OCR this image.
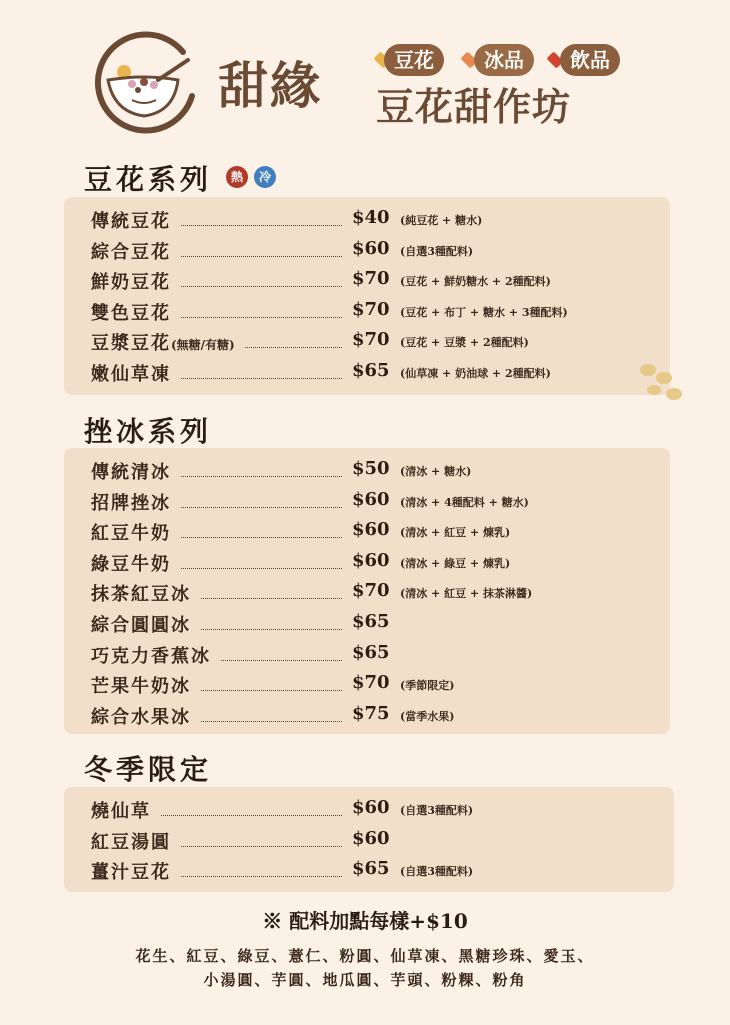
甜緣	豆花	冰品	飲品
豆花甜作坊
豆花系列	熱	冷
傳統豆花	$40 (純豆花 + 糖水)
綜合豆花	$60 (自選3種配料)
鮮奶豆花	$70 (豆花 + 鮮奶糖水 + 2種配料)
雙色豆花	$70 (豆花 + 布丁 + 糖水 + 3種配料)
豆漿豆花(無糖/有糖)	$70 (豆花 + 豆漿 + 2種配料)
嫩仙草凍	$65 (仙草凍 + 奶油球 + 2種配料)
挫冰系列
傳統清冰	$50 (清冰 + 糖水)
招牌挫冰	$60 (清冰 + 4種配料 + 糖水)
紅豆牛奶	$60 (清冰 + 紅豆 + 煉乳)
綠豆牛奶	$60 (清冰 + 綠豆 + 煉乳)
抹茶紅豆冰	$70 (清冰 + 紅豆 + 抹茶淋醬)
綜合圓圓冰	$65
巧克力香蕉冰	$65
芒果牛奶冰	$70 (季節限定)
綜合水果冰	$75 (當季水果)
冬季限定
燒仙草	$60 (自選3種配料)
紅豆湯圓	$60
薑汁豆花	$65 (自選3種配料)
※ 配料加點每樣+$10
花生、紅豆、綠豆、薏仁、粉圓、仙草凍、黑糖珍珠、愛玉、
小湯圓、芋圓、地瓜圓、芋頭、粉粿、粉角
